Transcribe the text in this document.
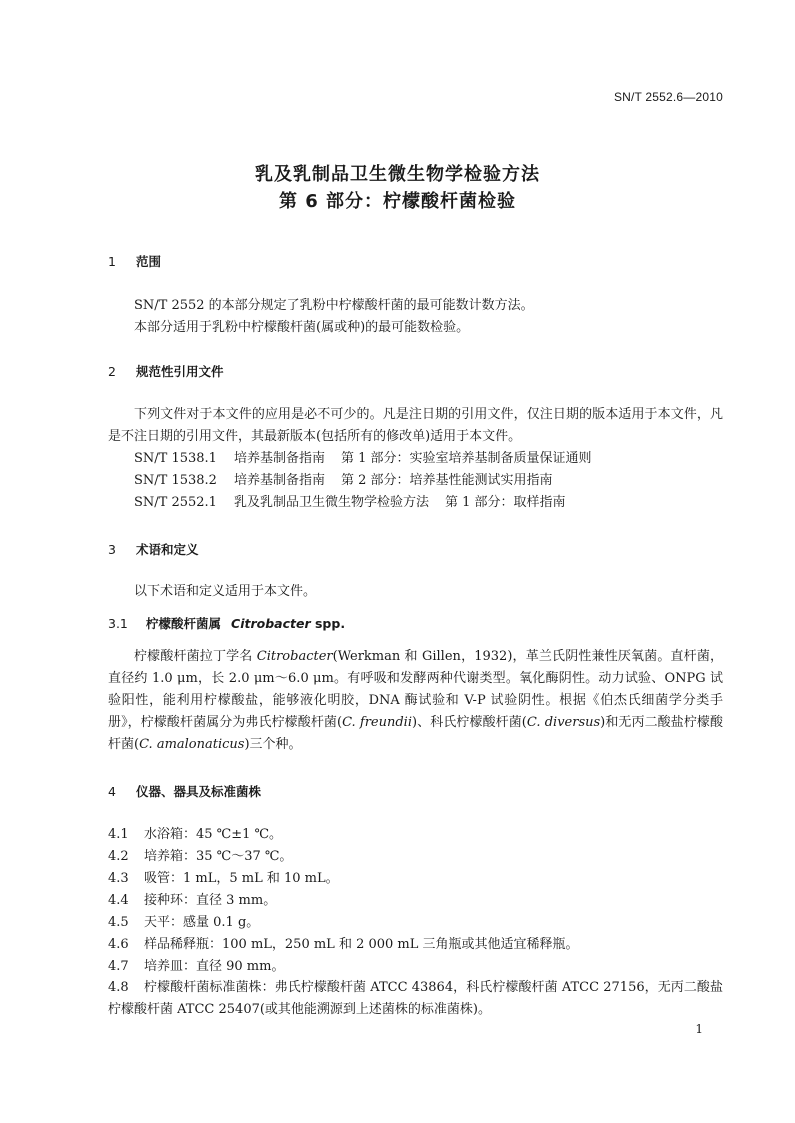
SN/T 2552.6—2010
乳及乳制品卫生微生物学检验方法
第 6 部分：柠檬酸杆菌检验
1 范围
SN/T 2552 的本部分规定了乳粉中柠檬酸杆菌的最可能数计数方法。
本部分适用于乳粉中柠檬酸杆菌(属或种)的最可能数检验。
2 规范性引用文件
下列文件对于本文件的应用是必不可少的。凡是注日期的引用文件，仅注日期的版本适用于本文件，凡是不注日期的引用文件，其最新版本(包括所有的修改单)适用于本文件。
SN/T 1538.1 培养基制备指南 第 1 部分：实验室培养基制备质量保证通则
SN/T 1538.2 培养基制备指南 第 2 部分：培养基性能测试实用指南
SN/T 2552.1 乳及乳制品卫生微生物学检验方法 第 1 部分：取样指南
3 术语和定义
以下术语和定义适用于本文件。
3.1 柠檬酸杆菌属 Citrobacter spp.
柠檬酸杆菌拉丁学名 Citrobacter(Werkman 和 Gillen，1932)，革兰氏阴性兼性厌氧菌。直杆菌，直径约 1.0 μm，长 2.0 μm～6.0 μm。有呼吸和发酵两种代谢类型。氧化酶阴性。动力试验、ONPG 试验阳性，能利用柠檬酸盐，能够液化明胶，DNA 酶试验和 V-P 试验阴性。根据《伯杰氏细菌学分类手册》，柠檬酸杆菌属分为弗氏柠檬酸杆菌(C. freundii)、科氏柠檬酸杆菌(C. diversus)和无丙二酸盐柠檬酸杆菌(C. amalonaticus)三个种。
4 仪器、器具及标准菌株
4.1 水浴箱：45 ℃±1 ℃。
4.2 培养箱：35 ℃～37 ℃。
4.3 吸管：1 mL，5 mL 和 10 mL。
4.4 接种环：直径 3 mm。
4.5 天平：感量 0.1 g。
4.6 样品稀释瓶：100 mL，250 mL 和 2 000 mL 三角瓶或其他适宜稀释瓶。
4.7 培养皿：直径 90 mm。
4.8 柠檬酸杆菌标准菌株：弗氏柠檬酸杆菌 ATCC 43864，科氏柠檬酸杆菌 ATCC 27156，无丙二酸盐柠檬酸杆菌 ATCC 25407(或其他能溯源到上述菌株的标准菌株)。
1
